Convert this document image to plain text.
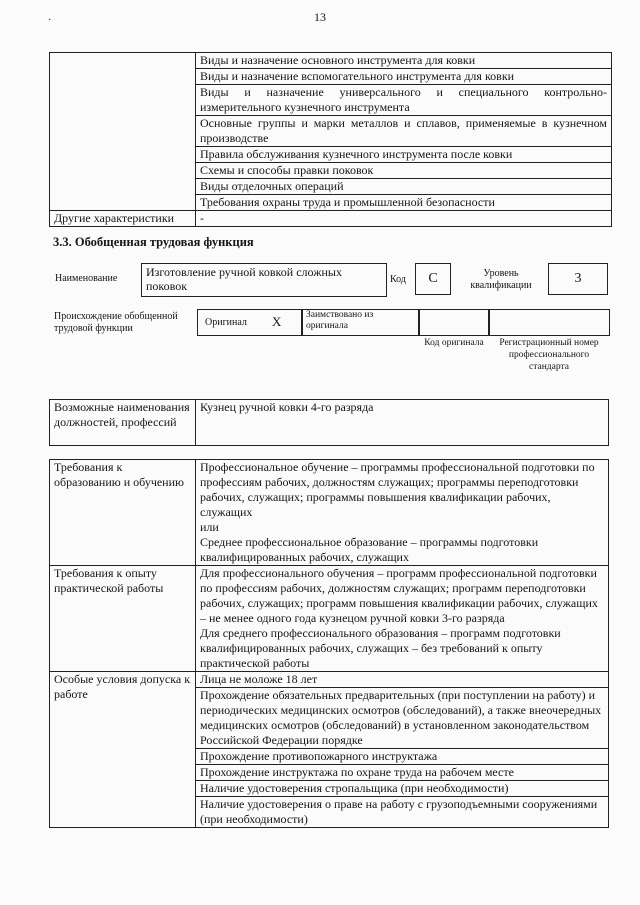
·	13
	Виды и назначение основного инструмента для ковки
	Виды и назначение вспомогательного инструмента для ковки
	Виды и назначение универсального и специального контрольно-измерительного кузнечного инструмента
	Основные группы и марки металлов и сплавов, применяемые в кузнечном производстве
	Правила обслуживания кузнечного инструмента после ковки
	Схемы и способы правки поковок
	Виды отделочных операций
	Требования охраны труда и промышленной безопасности
Другие характеристики	-
3.3. Обобщенная трудовая функция
Наименование	Изготовление ручной ковкой сложных поковок	Код	C	Уровень квалификации	3
Происхождение обобщенной трудовой функции
Оригинал X	Заимствовано из оригинала
Код оригинала	Регистрационный номер профессионального стандарта
Возможные наименования должностей, профессий	Кузнец ручной ковки 4-го разряда
Требования к образованию и обучению	Профессиональное обучение – программы профессиональной подготовки по профессиям рабочих, должностям служащих; программы переподготовки рабочих, служащих; программы повышения квалификации рабочих, служащих
или
Среднее профессиональное образование – программы подготовки квалифицированных рабочих, служащих
Требования к опыту практической работы	Для профессионального обучения – программ профессиональной подготовки по профессиям рабочих, должностям служащих; программ переподготовки рабочих, служащих; программ повышения квалификации рабочих, служащих – не менее одного года кузнецом ручной ковки 3-го разряда
Для среднего профессионального образования – программ подготовки квалифицированных рабочих, служащих – без требований к опыту практической работы
Особые условия допуска к работе	Лица не моложе 18 лет
	Прохождение обязательных предварительных (при поступлении на работу) и периодических медицинских осмотров (обследований), а также внеочередных медицинских осмотров (обследований) в установленном законодательством Российской Федерации порядке
	Прохождение противопожарного инструктажа
	Прохождение инструктажа по охране труда на рабочем месте
	Наличие удостоверения стропальщика (при необходимости)
	Наличие удостоверения о праве на работу с грузоподъемными сооружениями (при необходимости)
